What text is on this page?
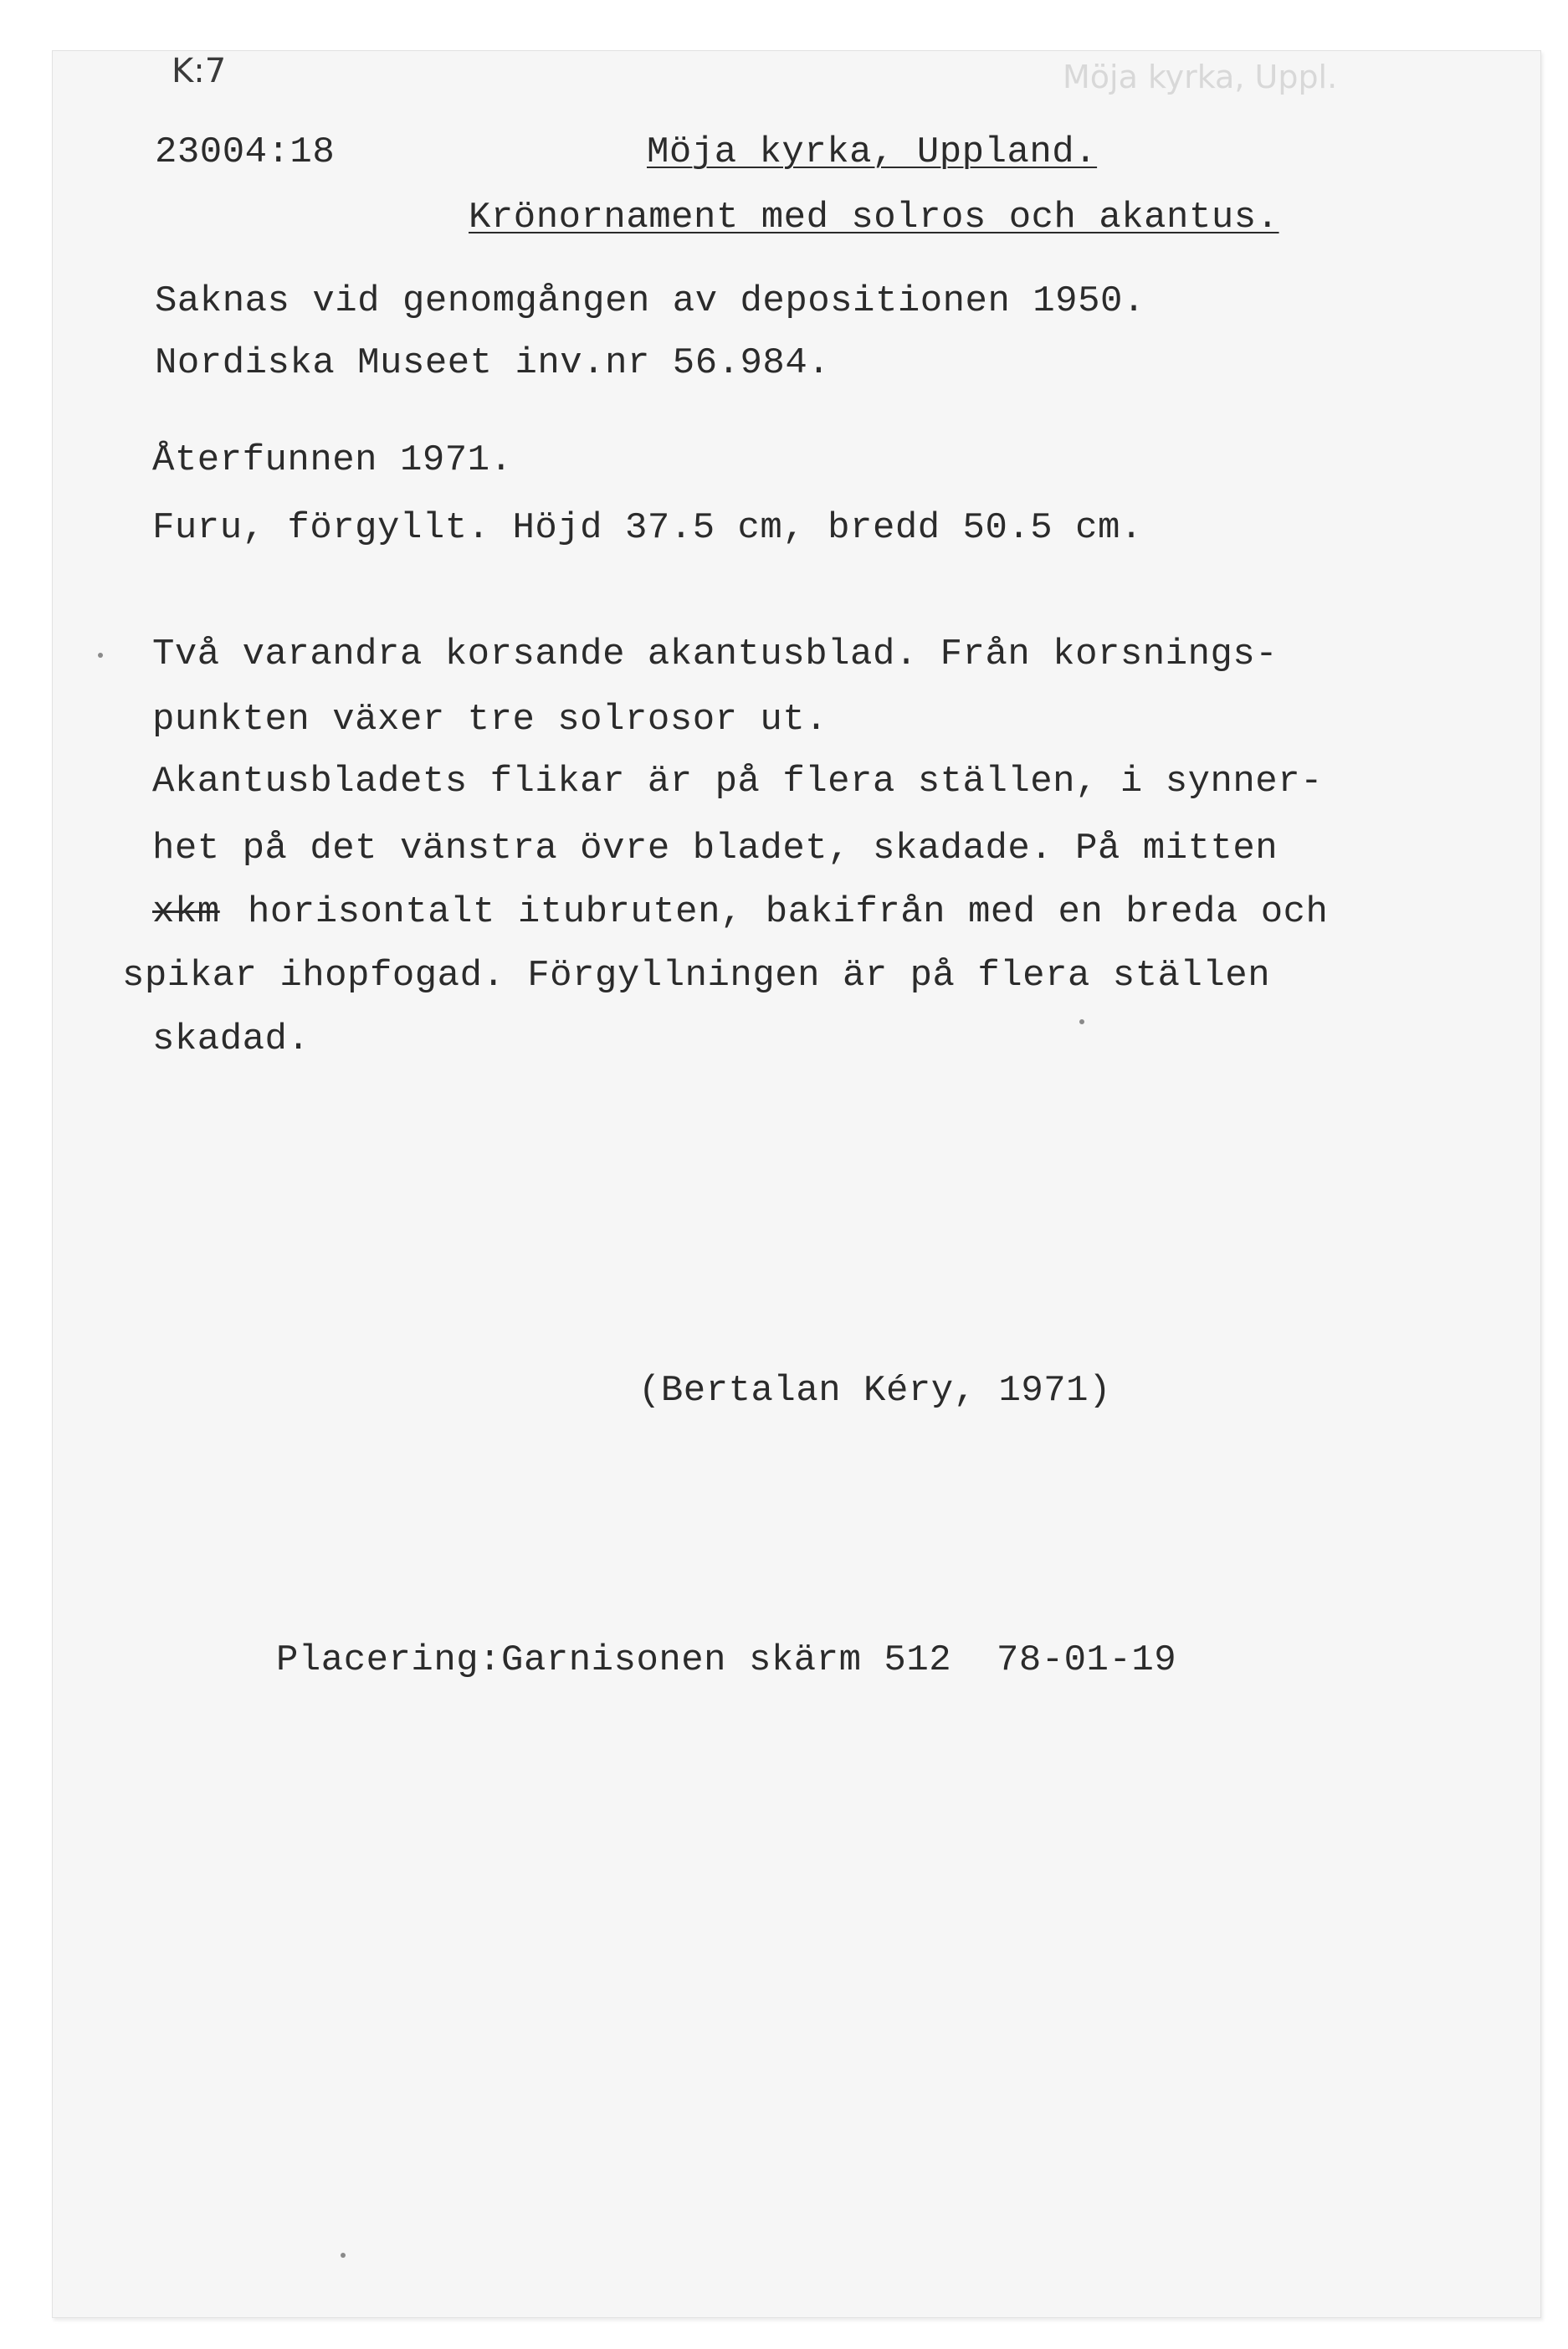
K:7	Möja kyrka, Uppl.
23004:18	Möja kyrka, Uppland.
Krönornament med solros och akantus.
Saknas vid genomgången av depositionen 1950.
Nordiska Museet inv.nr 56.984.
Återfunnen 1971.
Furu, förgyllt. Höjd 37.5 cm, bredd 50.5 cm.
Två varandra korsande akantusblad. Från korsnings-
punkten växer tre solrosor ut.
Akantusbladets flikar är på flera ställen, i synner-
het på det vänstra övre bladet, skadade. På mitten
xkm horisontalt itubruten, bakifrån med en breda och
spikar ihopfogad. Förgyllningen är på flera ställen
skadad.
(Bertalan Kéry, 1971)
Placering:Garnisonen skärm 512  78-01-19
